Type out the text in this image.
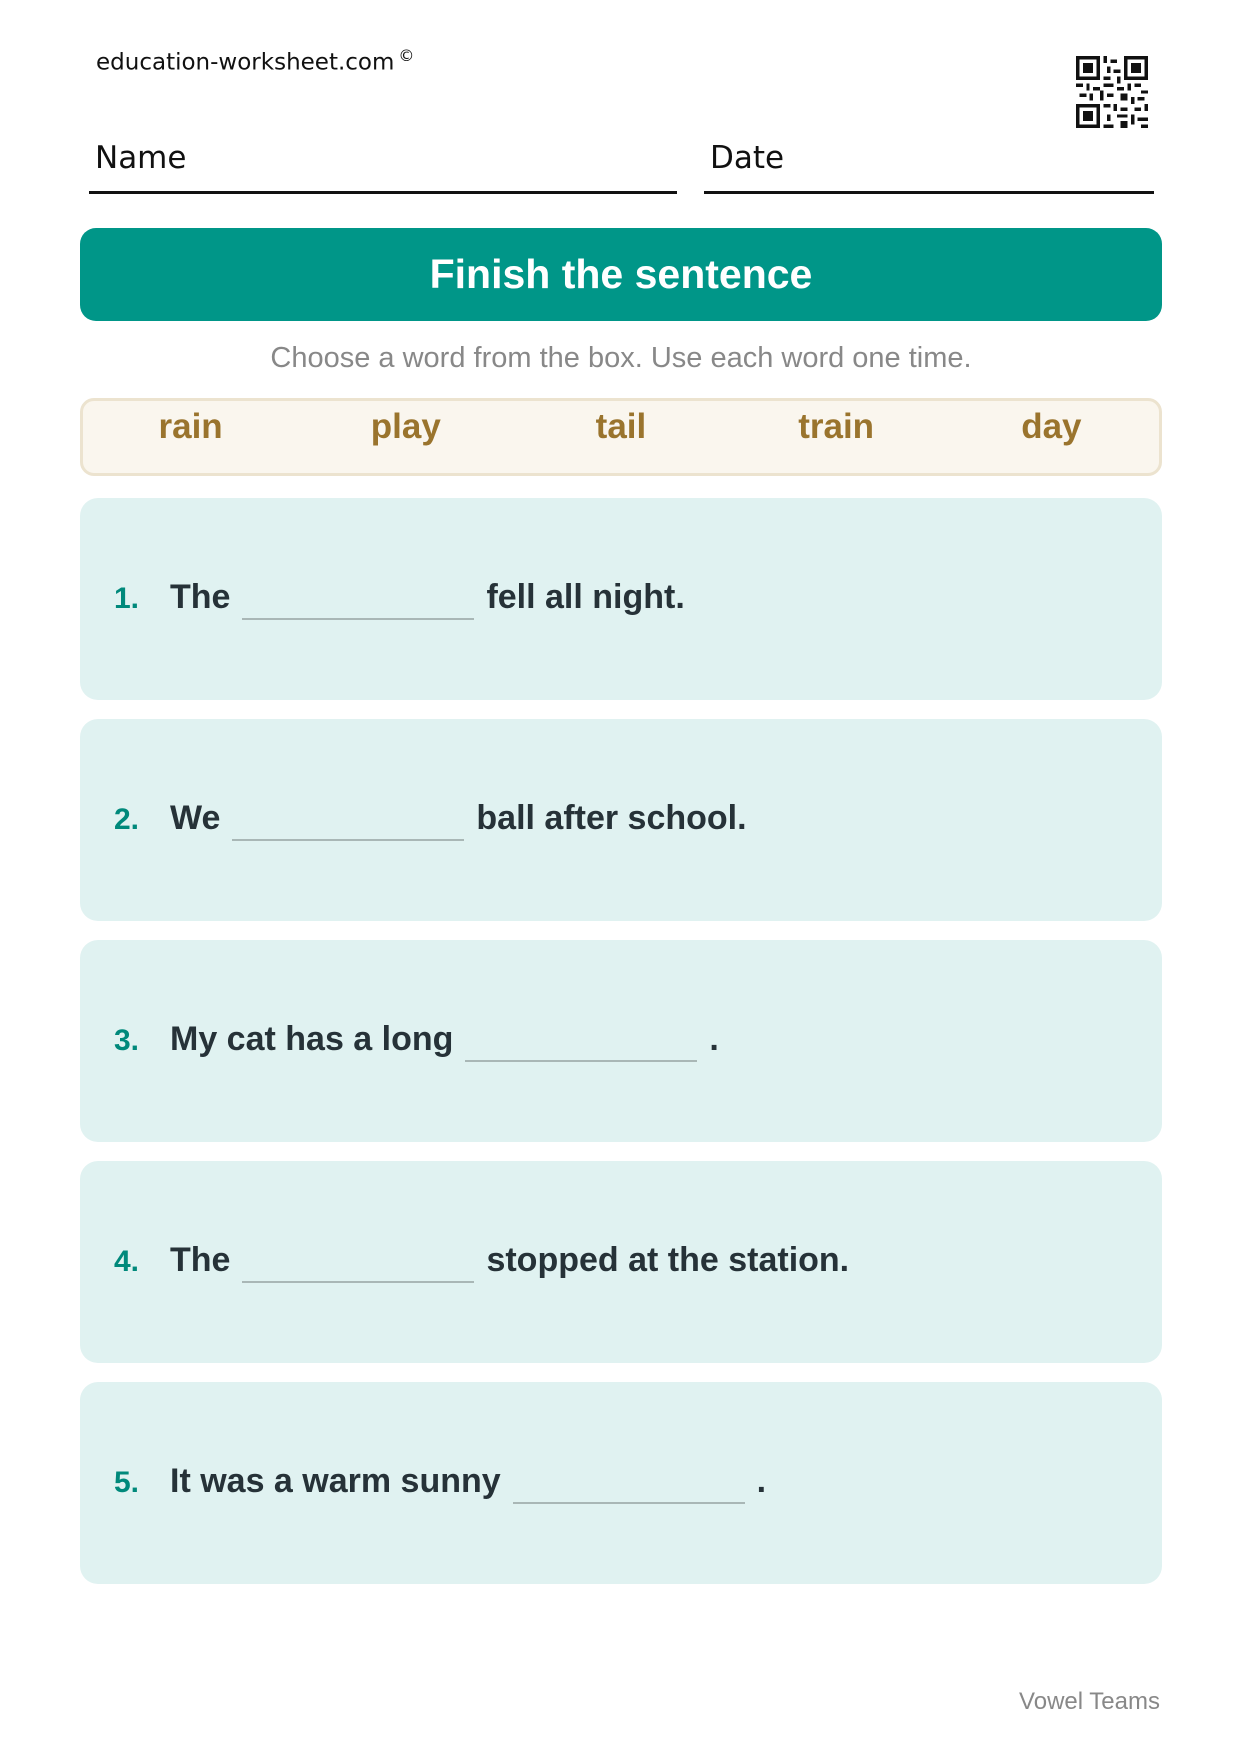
education-worksheet.com ©
Name	Date
Finish the sentence
Choose a word from the box. Use each word one time.
rain	play	tail	train	day
1. The	fell all night.
2. We	ball after school.
3. My cat has a long	.
4. The	stopped at the station.
5. It was a warm sunny	.
Vowel Teams
